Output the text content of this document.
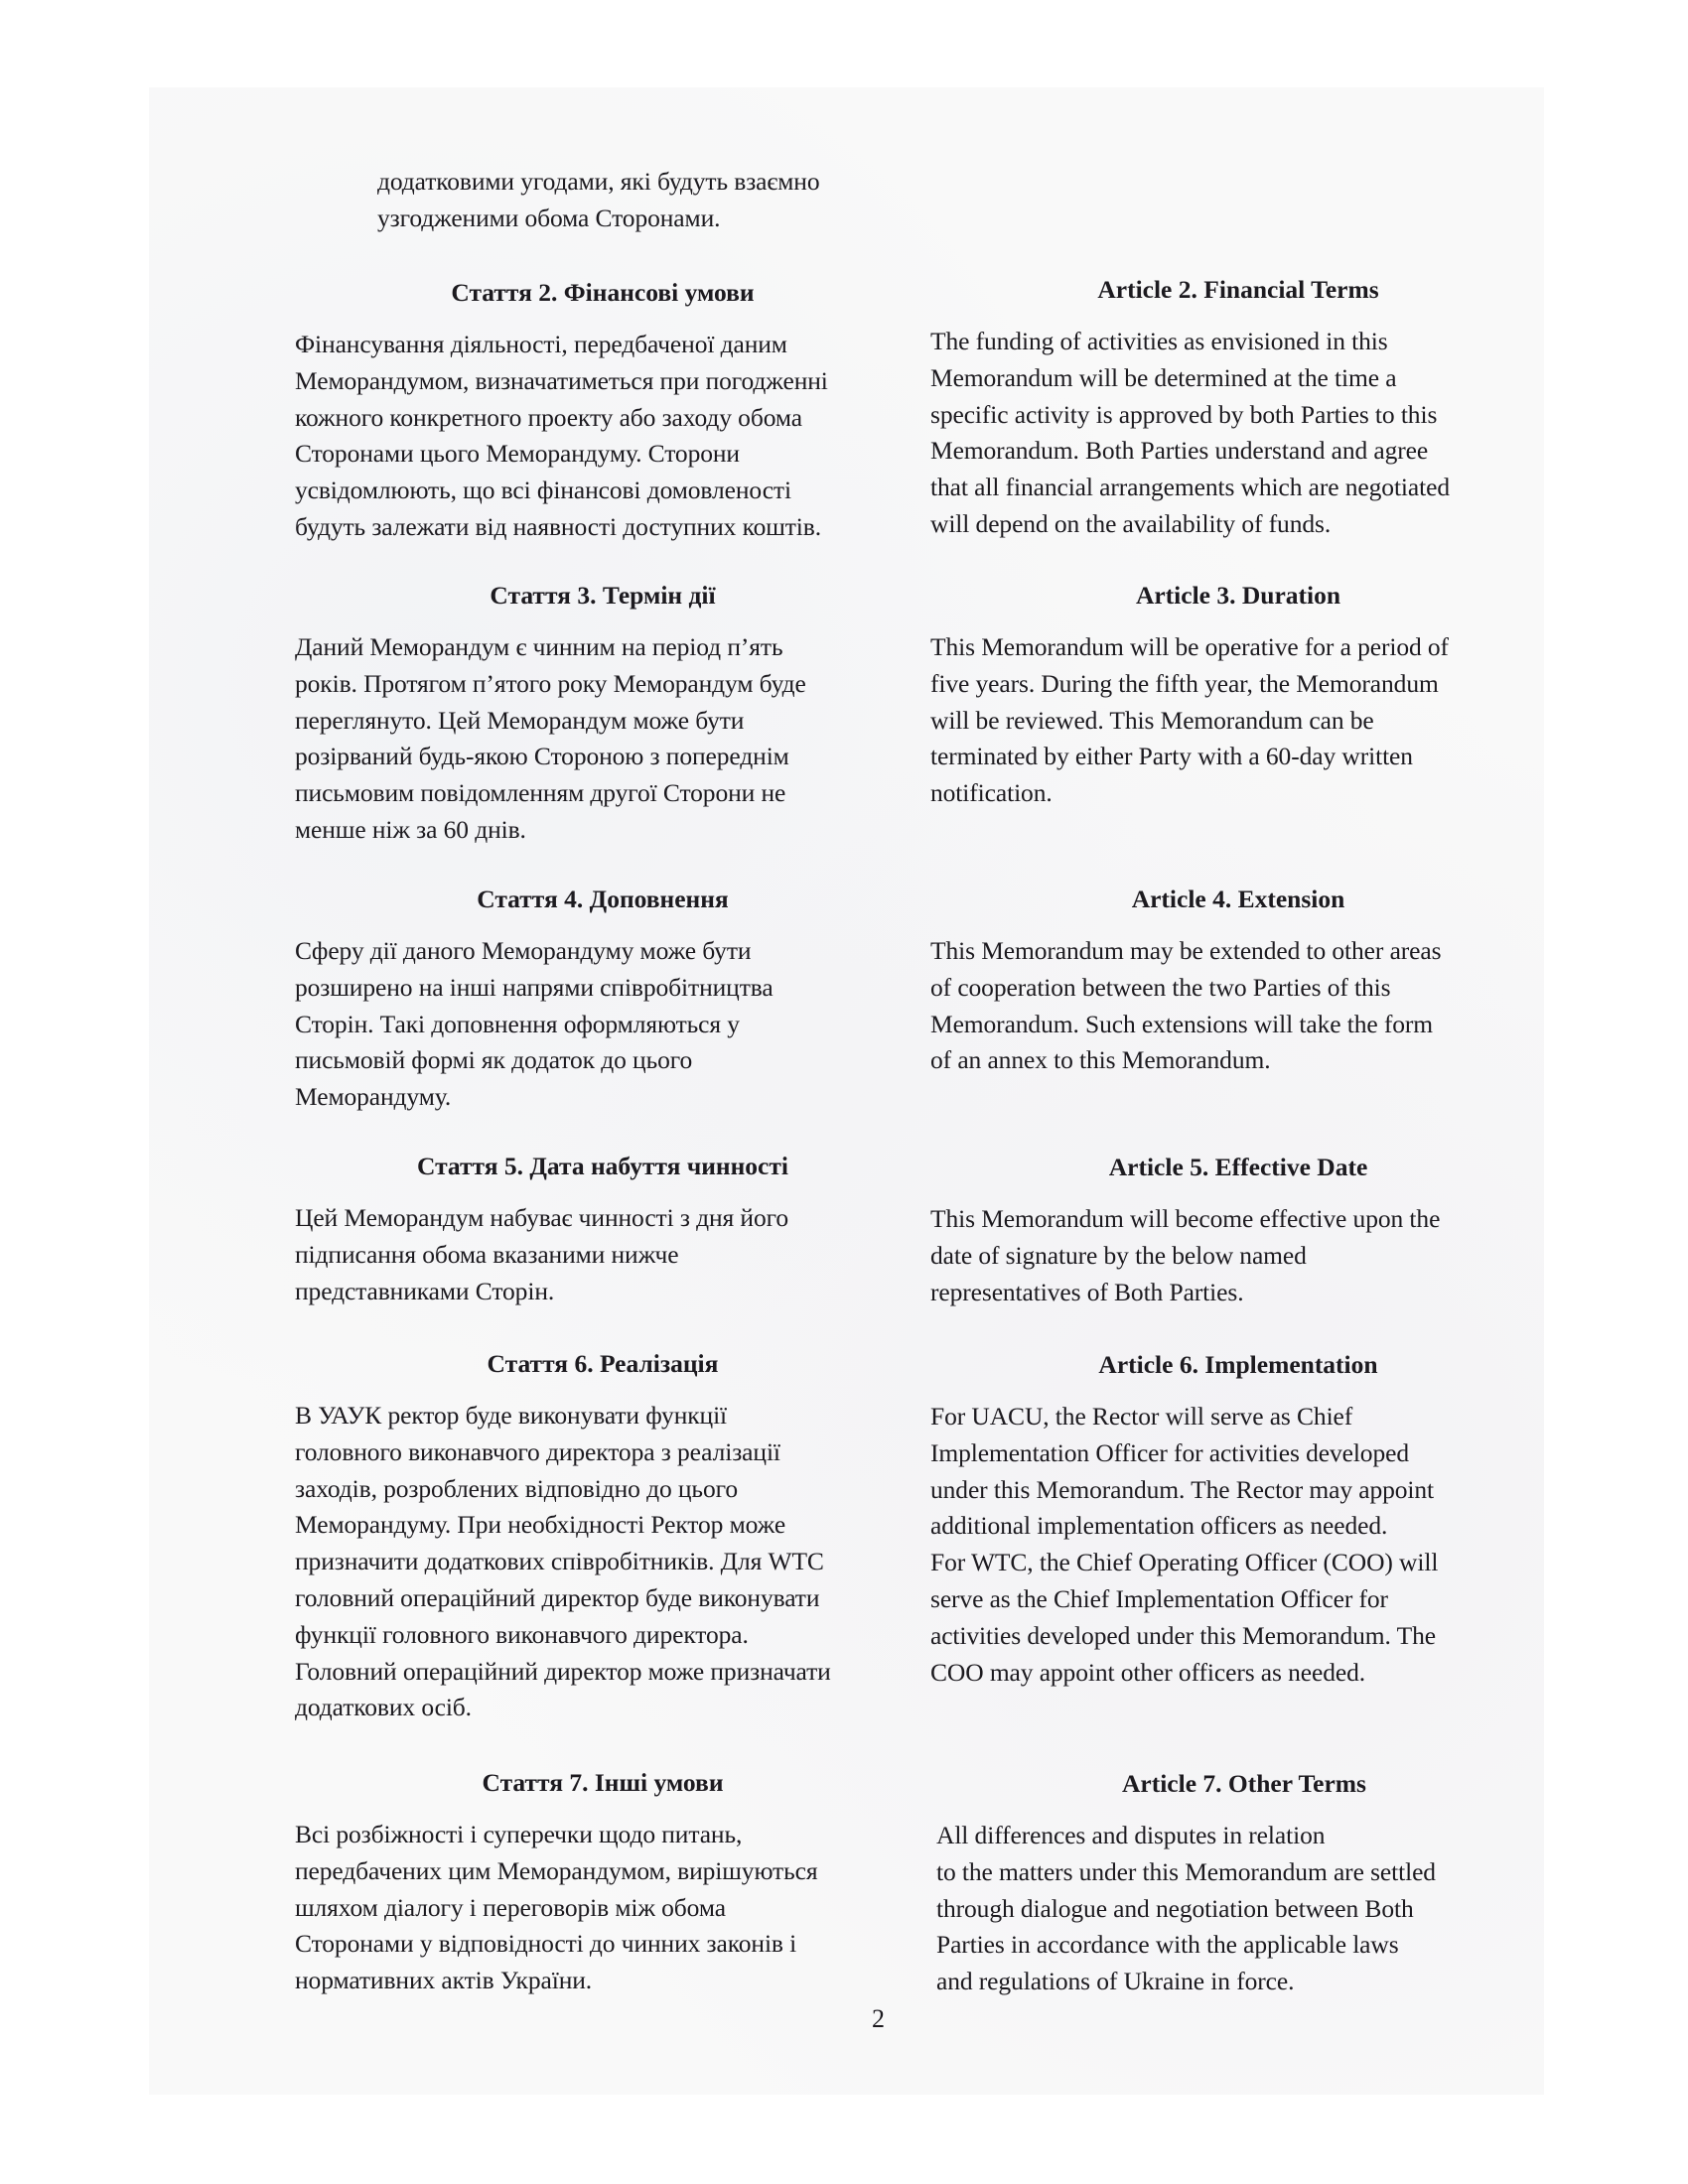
додатковими угодами, які будуть взаємно
узгодженими обома Сторонами.
Стаття 2. Фінансові умови
Фінансування діяльності, передбаченої даним
Меморандумом, визначатиметься при погодженні
кожного конкретного проекту або заходу обома
Сторонами цього Меморандуму. Сторони
усвідомлюють, що всі фінансові домовленості
будуть залежати від наявності доступних коштів.
Article 2. Financial Terms
The funding of activities as envisioned in this
Memorandum will be determined at the time a
specific activity is approved by both Parties to this
Memorandum. Both Parties understand and agree
that all financial arrangements which are negotiated
will depend on the availability of funds.
Стаття 3. Термін дії
Даний Меморандум є чинним на період п’ять
років. Протягом п’ятого року Меморандум буде
переглянуто. Цей Меморандум може бути
розірваний будь-якою Стороною з попереднім
письмовим повідомленням другої Сторони не
менше ніж за 60 днів.
Article 3. Duration
This Memorandum will be operative for a period of
five years. During the fifth year, the Memorandum
will be reviewed. This Memorandum can be
terminated by either Party with a 60-day written
notification.
Стаття 4. Доповнення
Сферу дії даного Меморандуму може бути
розширено на інші напрями співробітництва
Сторін. Такі доповнення оформляються у
письмовій формі як додаток до цього
Меморандуму.
Article 4. Extension
This Memorandum may be extended to other areas
of cooperation between the two Parties of this
Memorandum. Such extensions will take the form
of an annex to this Memorandum.
Стаття 5. Дата набуття чинності
Цей Меморандум набуває чинності з дня його
підписання обома вказаними нижче
представниками Сторін.
Article 5. Effective Date
This Memorandum will become effective upon the
date of signature by the below named
representatives of Both Parties.
Стаття 6. Реалізація
В УАУК ректор буде виконувати функції
головного виконавчого директора з реалізації
заходів, розроблених відповідно до цього
Меморандуму. При необхідності Ректор може
призначити додаткових співробітників. Для WTC
головний операційний директор буде виконувати
функції головного виконавчого директора.
Головний операційний директор може призначати
додаткових осіб.
Article 6. Implementation
For UACU, the Rector will serve as Chief
Implementation Officer for activities developed
under this Memorandum. The Rector may appoint
additional implementation officers as needed.
For WTC, the Chief Operating Officer (COO) will
serve as the Chief Implementation Officer for
activities developed under this Memorandum. The
COO may appoint other officers as needed.
Стаття 7. Інші умови
Всі розбіжності і суперечки щодо питань,
передбачених цим Меморандумом, вирішуються
шляхом діалогу і переговорів між обома
Сторонами у відповідності до чинних законів і
нормативних актів України.
Article 7. Other Terms
All differences and disputes in relation
to the matters under this Memorandum are settled
through dialogue and negotiation between Both
Parties in accordance with the applicable laws
and regulations of Ukraine in force.
2
